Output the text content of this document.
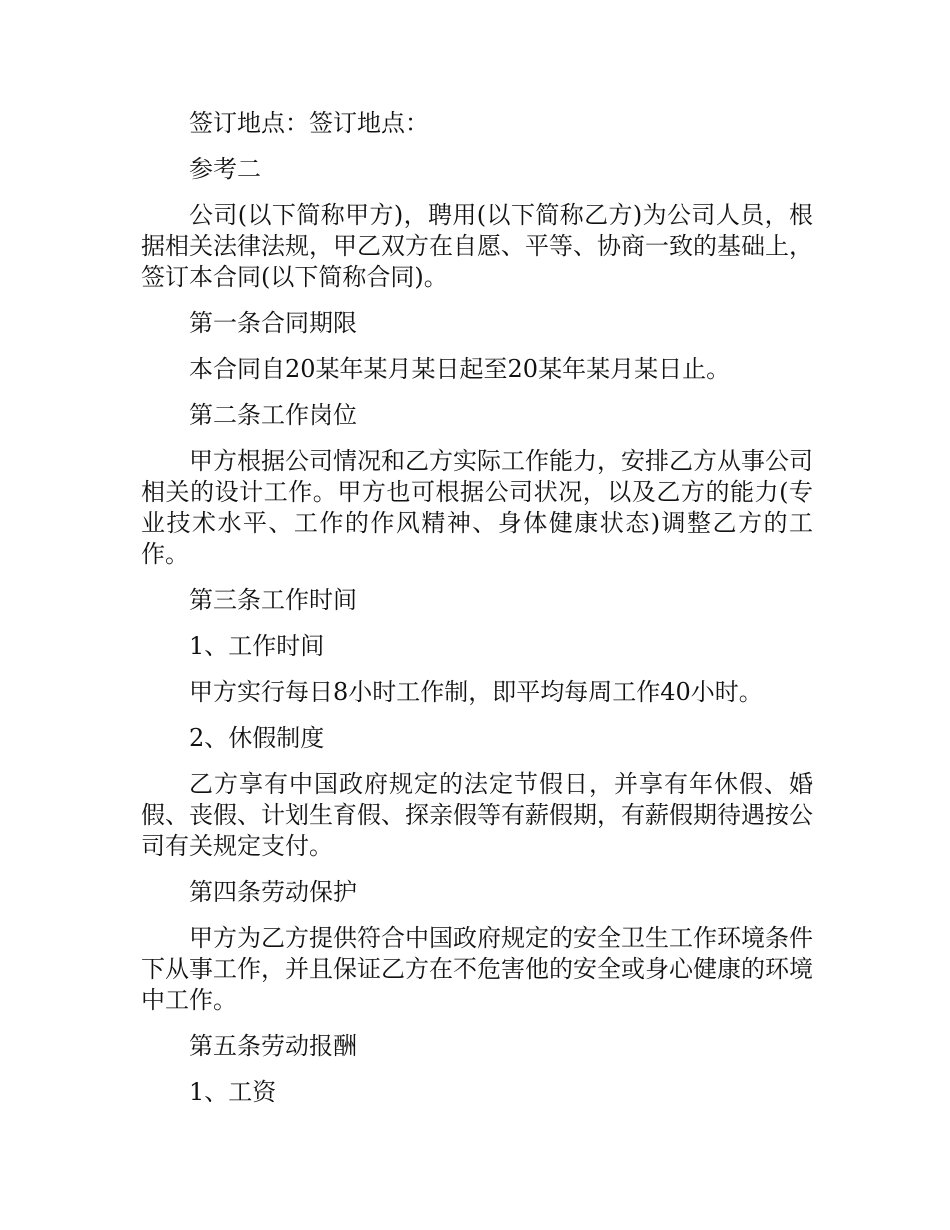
签订地点：签订地点：

参考二

公司(以下简称甲方)，聘用(以下简称乙方)为公司人员，根据相关法律法规，甲乙双方在自愿、平等、协商一致的基础上，签订本合同(以下简称合同)。

第一条合同期限

本合同自20某年某月某日起至20某年某月某日止。

第二条工作岗位

甲方根据公司情况和乙方实际工作能力，安排乙方从事公司相关的设计工作。甲方也可根据公司状况，以及乙方的能力(专业技术水平、工作的作风精神、身体健康状态)调整乙方的工作。

第三条工作时间

1、工作时间

甲方实行每日8小时工作制，即平均每周工作40小时。

2、休假制度

乙方享有中国政府规定的法定节假日，并享有年休假、婚假、丧假、计划生育假、探亲假等有薪假期，有薪假期待遇按公司有关规定支付。

第四条劳动保护

甲方为乙方提供符合中国政府规定的安全卫生工作环境条件下从事工作，并且保证乙方在不危害他的安全或身心健康的环境中工作。

第五条劳动报酬

1、工资
